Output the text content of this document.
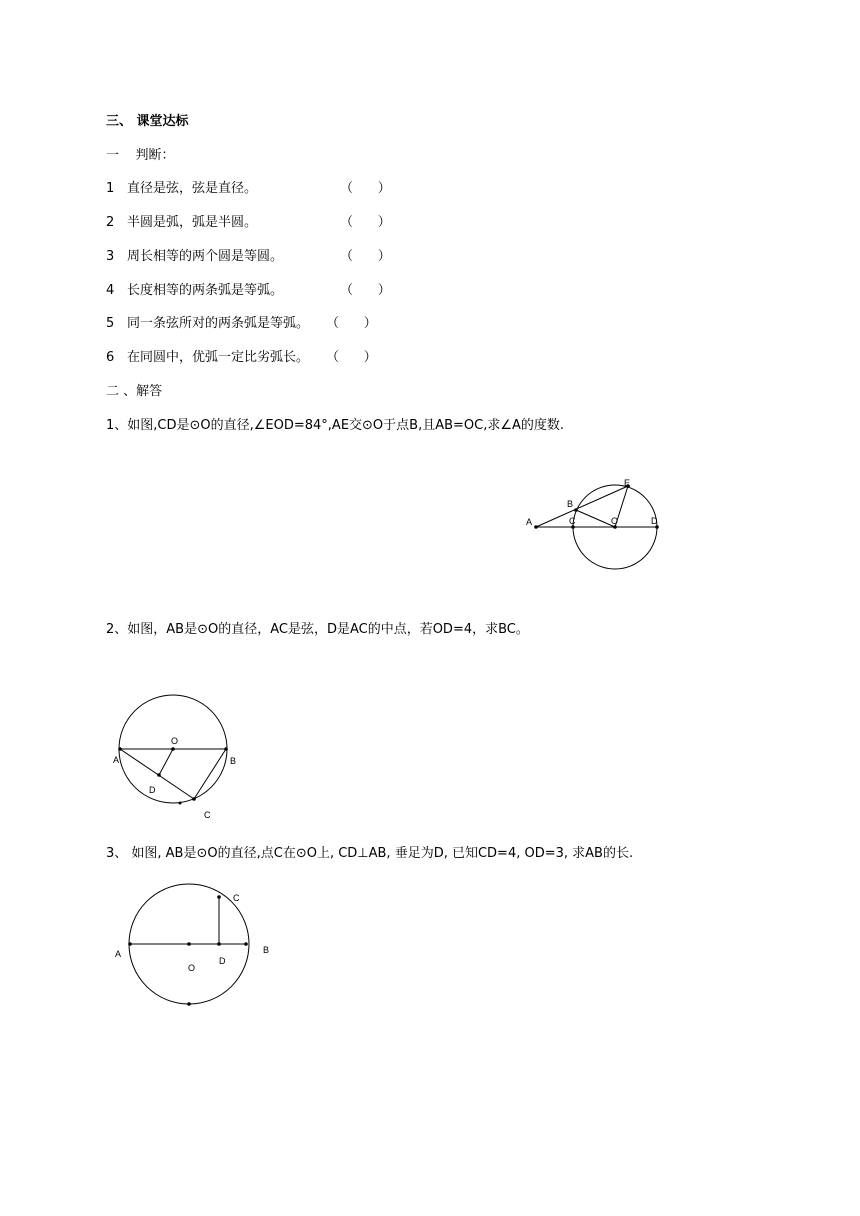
三、 课堂达标
一    判断：
1 直径是弦，弦是直径。	（      ）
2 半圆是弧，弧是半圆。	（      ）
3 周长相等的两个圆是等圆。	（      ）
4 长度相等的两条弧是等弧。	（      ）
5 同一条弦所对的两条弧是等弧。 （      ）
6 在同圆中，优弧一定比劣弧长。 （      ）
二 、解答
1、如图,CD是⊙O的直径,∠EOD=84°,AE交⊙O于点B,且AB=OC,求∠A的度数.
A
B
C	O	D
E
2、如图，AB是⊙O的直径，AC是弦，D是AC的中点，若OD=4，求BC。
A	B
O
D
C
3、 如图, AB是⊙O的直径,点C在⊙O上, CD⊥AB, 垂足为D, 已知CD=4, OD=3, 求AB的长.
A	B
C
O
D
